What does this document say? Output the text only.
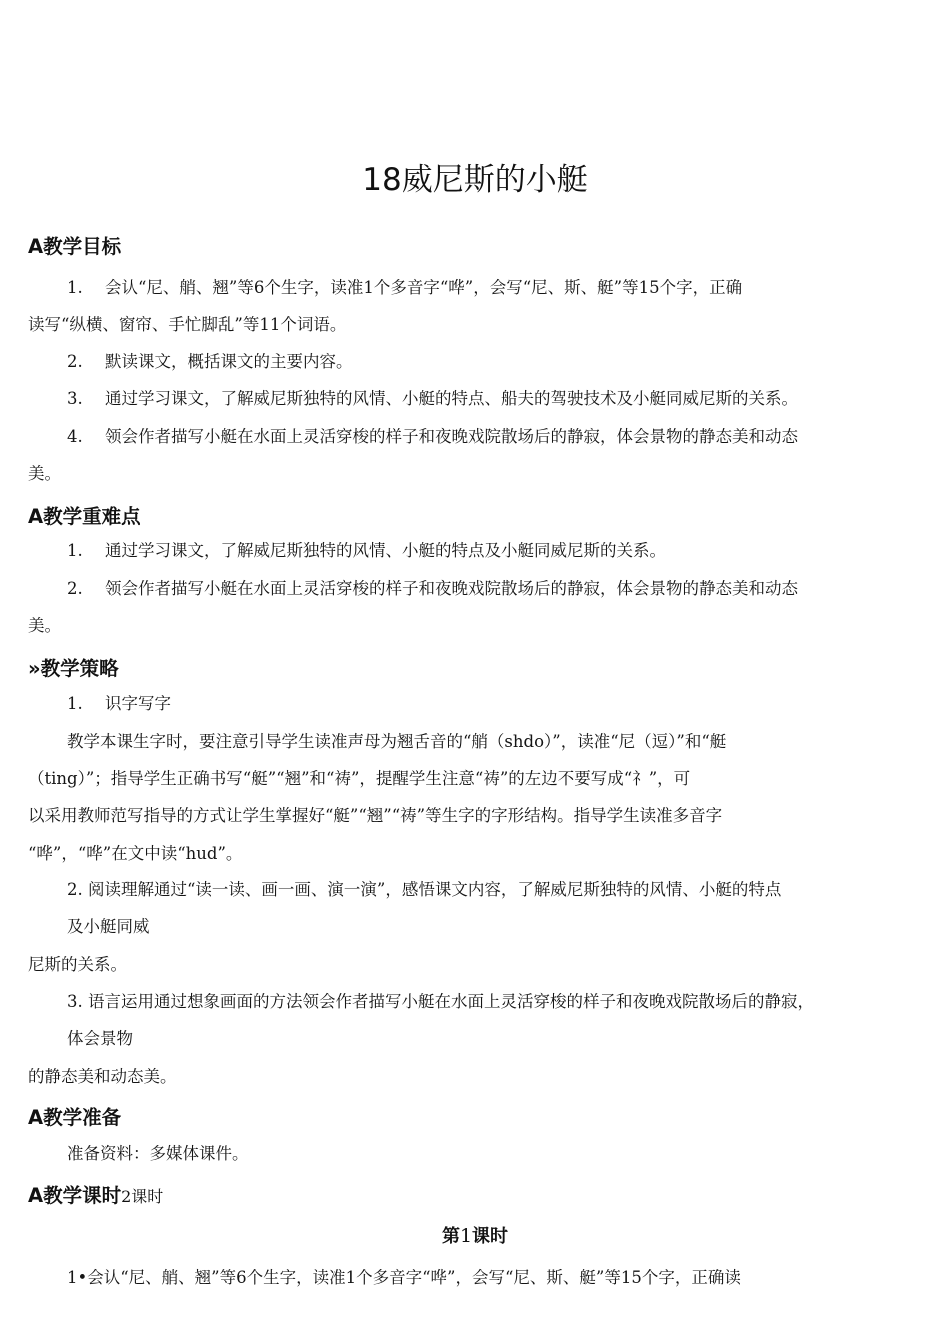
18威尼斯的小艇
A教学目标
1. 会认“尼、艄、翘”等6个生字，读准1个多音字“哗”，会写“尼、斯、艇”等15个字，正确
读写“纵横、窗帘、手忙脚乱”等11个词语。
2. 默读课文，概括课文的主要内容。
3. 通过学习课文，了解威尼斯独特的风情、小艇的特点、船夫的驾驶技术及小艇同威尼斯的关系。
4. 领会作者描写小艇在水面上灵活穿梭的样子和夜晚戏院散场后的静寂，体会景物的静态美和动态
美。
A教学重难点
1. 通过学习课文，了解威尼斯独特的风情、小艇的特点及小艇同威尼斯的关系。
2. 领会作者描写小艇在水面上灵活穿梭的样子和夜晚戏院散场后的静寂，体会景物的静态美和动态
美。
»教学策略
1. 识字写字
教学本课生字时，要注意引导学生读准声母为翘舌音的“艄（shdo）”，读准“尼（逗）”和“艇
（ting）”；指导学生正确书写“艇”“翘”和“祷”，提醒学生注意“祷”的左边不要写成“礻”，可
以采用教师范写指导的方式让学生掌握好“艇”“翘”“祷”等生字的字形结构。指导学生读准多音字
“哗”，“哗”在文中读“hud”。
2. 阅读理解通过“读一读、画一画、演一演”，感悟课文内容，了解威尼斯独特的风情、小艇的特点
及小艇同威
尼斯的关系。
3. 语言运用通过想象画面的方法领会作者描写小艇在水面上灵活穿梭的样子和夜晚戏院散场后的静寂，
体会景物
的静态美和动态美。
A教学准备
准备资料：多媒体课件。
A教学课时2课时
第1课时
1•会认“尼、艄、翘”等6个生字，读准1个多音字“哗”，会写“尼、斯、艇”等15个字，正确读
